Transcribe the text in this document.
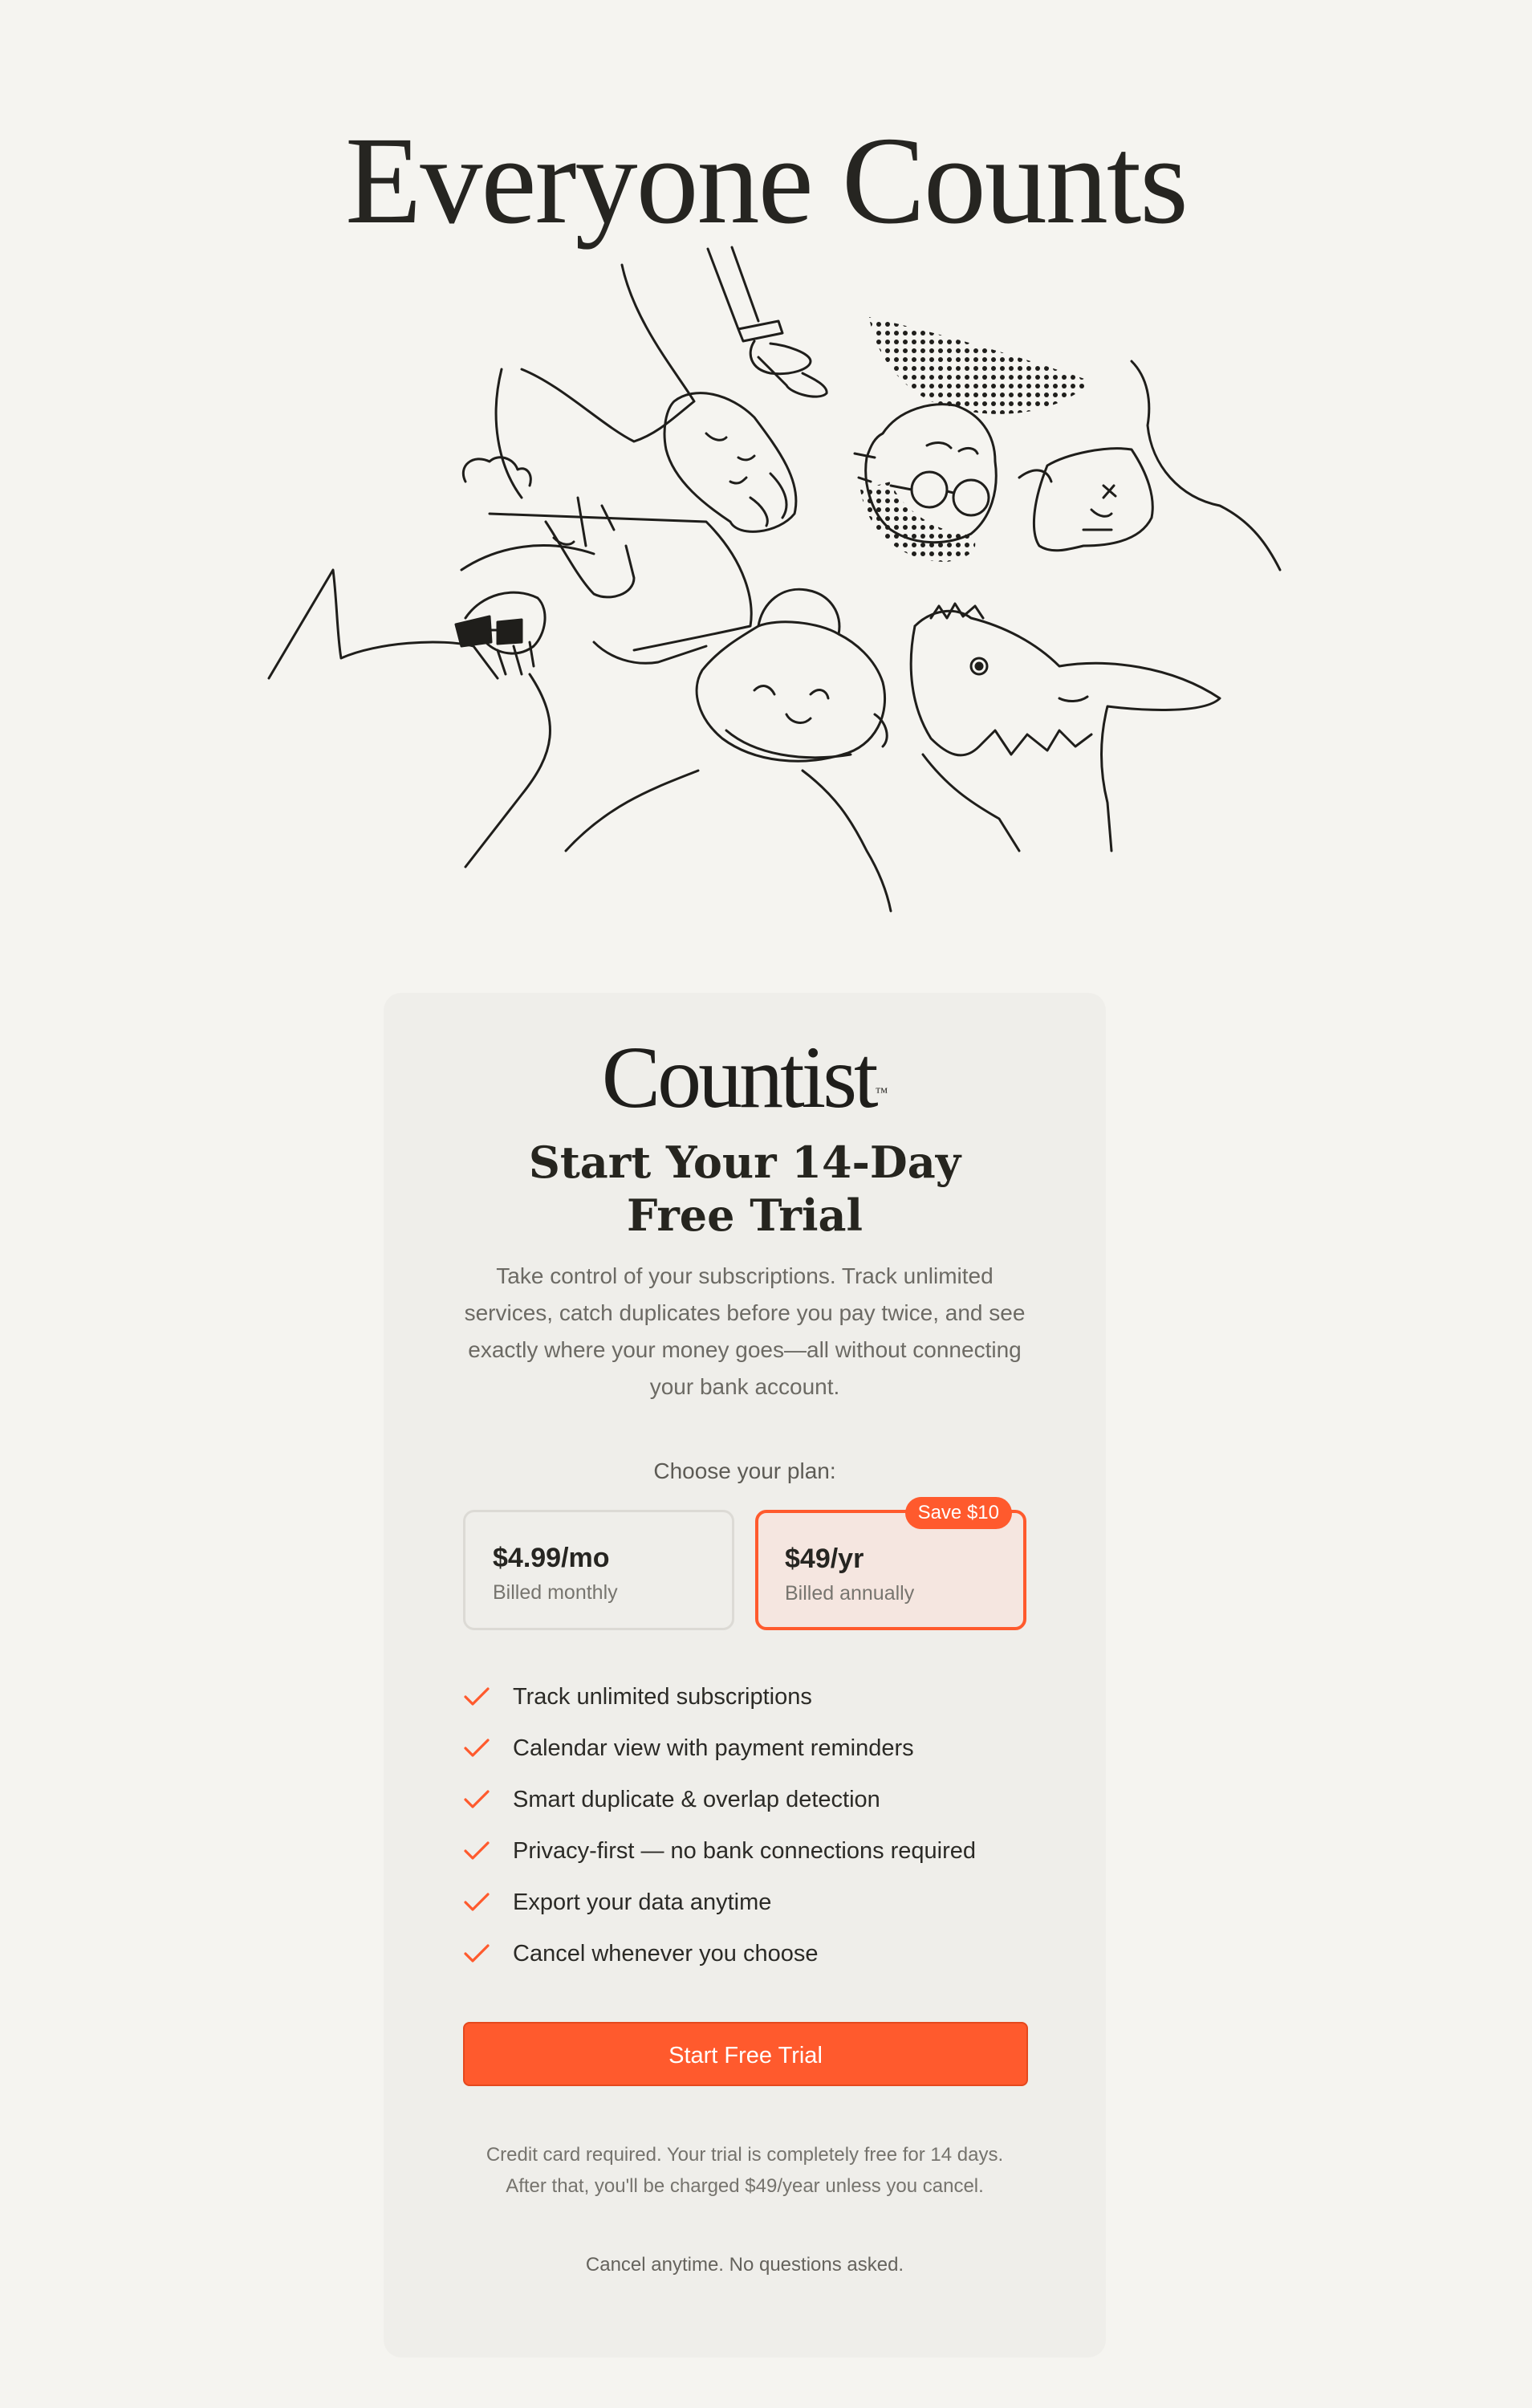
Everyone Counts
Countist™
Start Your 14-Day
Free Trial
Take control of your subscriptions. Track unlimited services, catch duplicates before you pay twice, and see exactly where your money goes—all without connecting your bank account.
Choose your plan:
$4.99/mo
Billed monthly
Save $10
$49/yr
Billed annually
Track unlimited subscriptions
Calendar view with payment reminders
Smart duplicate & overlap detection
Privacy-first — no bank connections required
Export your data anytime
Cancel whenever you choose
Start Free Trial
Credit card required. Your trial is completely free for 14 days.
After that, you'll be charged $49/year unless you cancel.
Cancel anytime. No questions asked.
